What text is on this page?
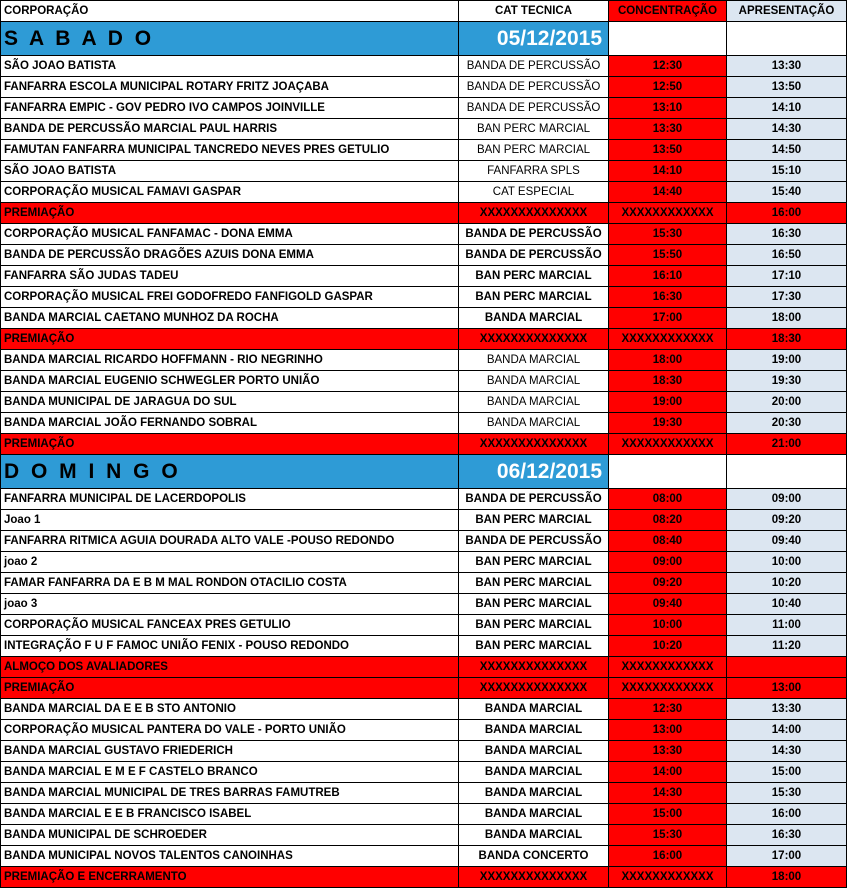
CORPORAÇÃO	CAT TECNICA	CONCENTRAÇÃO	APRESENTAÇÃO
S A B A D O	05/12/2015		
SÃO JOAO BATISTA	BANDA DE PERCUSSÃO	12:30	13:30
FANFARRA ESCOLA MUNICIPAL ROTARY FRITZ JOAÇABA	BANDA DE PERCUSSÃO	12:50	13:50
FANFARRA EMPIC - GOV PEDRO IVO CAMPOS JOINVILLE	BANDA DE PERCUSSÃO	13:10	14:10
BANDA DE PERCUSSÃO MARCIAL PAUL HARRIS	BAN PERC MARCIAL	13:30	14:30
FAMUTAN FANFARRA MUNICIPAL TANCREDO NEVES PRES GETULIO	BAN PERC MARCIAL	13:50	14:50
SÃO JOAO BATISTA	FANFARRA SPLS	14:10	15:10
CORPORAÇÃO MUSICAL FAMAVI GASPAR	CAT ESPECIAL	14:40	15:40
PREMIAÇÃO	XXXXXXXXXXXXXX	XXXXXXXXXXXX	16:00
CORPORAÇÃO MUSICAL FANFAMAC - DONA EMMA	BANDA DE PERCUSSÃO	15:30	16:30
BANDA DE PERCUSSÃO DRAGÕES AZUIS DONA EMMA	BANDA DE PERCUSSÃO	15:50	16:50
FANFARRA SÃO JUDAS TADEU	BAN PERC MARCIAL	16:10	17:10
CORPORAÇÃO MUSICAL FREI GODOFREDO FANFIGOLD GASPAR	BAN PERC MARCIAL	16:30	17:30
BANDA MARCIAL CAETANO MUNHOZ DA ROCHA	BANDA MARCIAL	17:00	18:00
PREMIAÇÃO	XXXXXXXXXXXXXX	XXXXXXXXXXXX	18:30
BANDA MARCIAL RICARDO HOFFMANN - RIO NEGRINHO	BANDA MARCIAL	18:00	19:00
BANDA MARCIAL EUGENIO SCHWEGLER PORTO UNIÃO	BANDA MARCIAL	18:30	19:30
BANDA MUNICIPAL DE JARAGUA DO SUL	BANDA MARCIAL	19:00	20:00
BANDA MARCIAL JOÃO FERNANDO SOBRAL	BANDA MARCIAL	19:30	20:30
PREMIAÇÃO	XXXXXXXXXXXXXX	XXXXXXXXXXXX	21:00
D O M I N G O	06/12/2015		
FANFARRA MUNICIPAL DE LACERDOPOLIS	BANDA DE PERCUSSÃO	08:00	09:00
Joao 1	BAN PERC MARCIAL	08:20	09:20
FANFARRA RITMICA AGUIA DOURADA ALTO VALE -POUSO REDONDO	BANDA DE PERCUSSÃO	08:40	09:40
joao 2	BAN PERC MARCIAL	09:00	10:00
FAMAR FANFARRA DA E B M MAL RONDON OTACILIO COSTA	BAN PERC MARCIAL	09:20	10:20
joao 3	BAN PERC MARCIAL	09:40	10:40
CORPORAÇÃO MUSICAL FANCEAX PRES GETULIO	BAN PERC MARCIAL	10:00	11:00
INTEGRAÇÃO F U F FAMOC UNIÃO FENIX - POUSO REDONDO	BAN PERC MARCIAL	10:20	11:20
ALMOÇO DOS AVALIADORES	XXXXXXXXXXXXXX	XXXXXXXXXXXX	
PREMIAÇÃO	XXXXXXXXXXXXXX	XXXXXXXXXXXX	13:00
BANDA MARCIAL DA E E B STO ANTONIO	BANDA MARCIAL	12:30	13:30
CORPORAÇÃO MUSICAL PANTERA DO VALE - PORTO UNIÃO	BANDA MARCIAL	13:00	14:00
BANDA MARCIAL GUSTAVO FRIEDERICH	BANDA MARCIAL	13:30	14:30
BANDA MARCIAL E M E F CASTELO BRANCO	BANDA MARCIAL	14:00	15:00
BANDA MARCIAL MUNICIPAL DE TRES BARRAS FAMUTREB	BANDA MARCIAL	14:30	15:30
BANDA MARCIAL E E B FRANCISCO ISABEL	BANDA MARCIAL	15:00	16:00
BANDA MUNICIPAL DE SCHROEDER	BANDA MARCIAL	15:30	16:30
BANDA MUNICIPAL NOVOS TALENTOS CANOINHAS	BANDA CONCERTO	16:00	17:00
PREMIAÇÃO E ENCERRAMENTO	XXXXXXXXXXXXXX	XXXXXXXXXXXX	18:00
